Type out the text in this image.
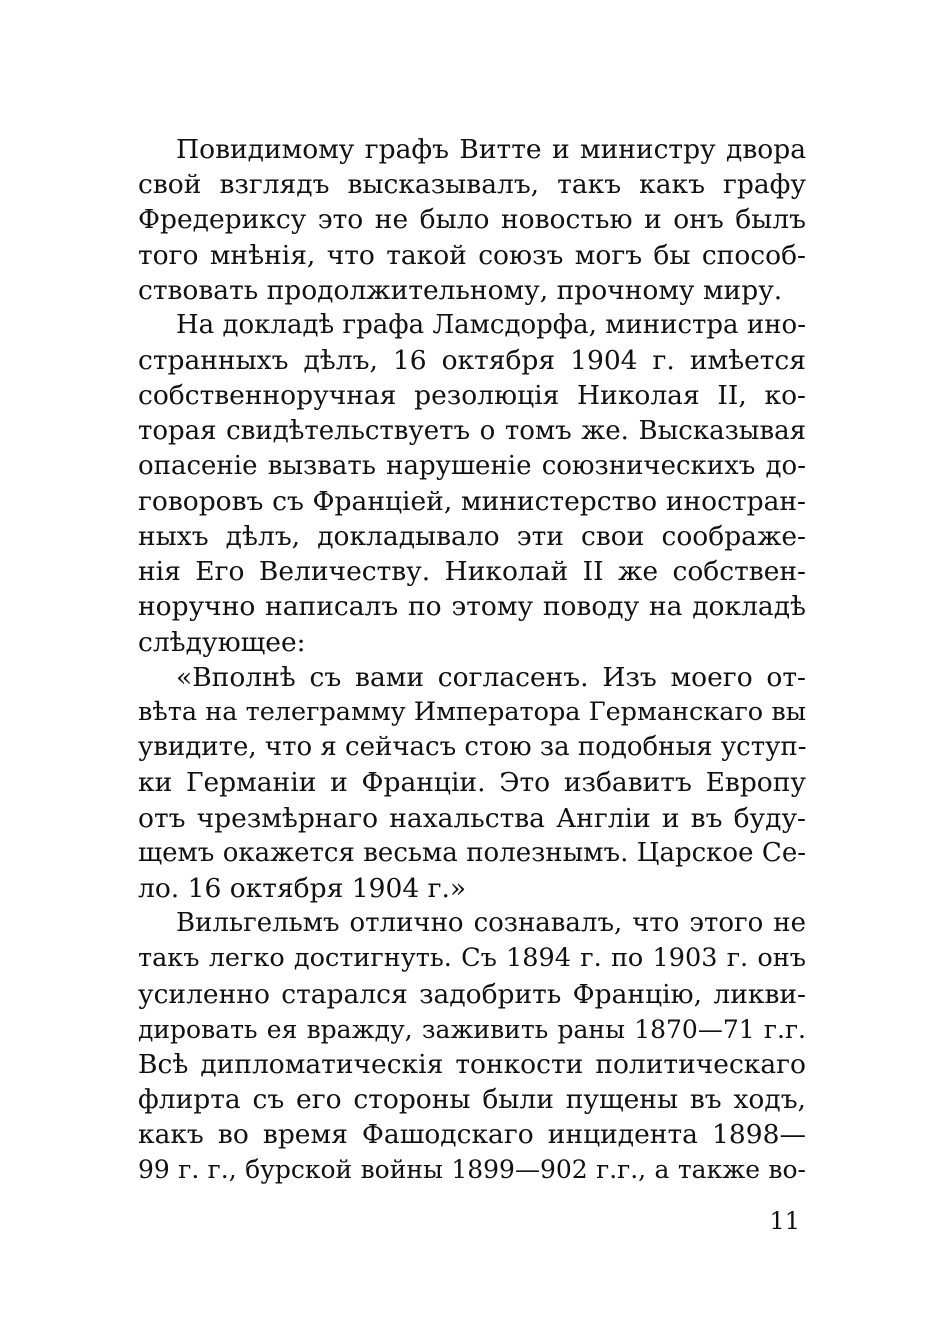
Повидимому графъ Витте и министру двора
свой взглядъ высказывалъ, такъ какъ графу
Фредериксу это не было новостью и онъ былъ
того мнѣнія, что такой союзъ могъ бы способ-
ствовать продолжительному, прочному миру.
На докладѣ графа Ламсдорфа, министра ино-
странныхъ дѣлъ, 16 октября 1904 г. имѣется
собственноручная резолюція Николая II, ко-
торая свидѣтельствуетъ о томъ же. Высказывая
опасеніе вызвать нарушеніе союзническихъ до-
говоровъ съ Франціей, министерство иностран-
ныхъ дѣлъ, докладывало эти свои соображе-
нія Его Величеству. Николай II же собствен-
норучно написалъ по этому поводу на докладѣ
слѣдующее:
«Вполнѣ съ вами согласенъ. Изъ моего от-
вѣта на телеграмму Императора Германскаго вы
увидите, что я сейчасъ стою за подобныя уступ-
ки Германіи и Франціи. Это избавитъ Европу
отъ чрезмѣрнаго нахальства Англіи и въ буду-
щемъ окажется весьма полезнымъ. Царское Се-
ло. 16 октября 1904 г.»
Вильгельмъ отлично сознавалъ, что этого не
такъ легко достигнуть. Съ 1894 г. по 1903 г. онъ
усиленно старался задобрить Францію, ликви-
дировать ея вражду, заживить раны 1870—71 г.г.
Всѣ дипломатическія тонкости политическаго
флирта съ его стороны были пущены въ ходъ,
какъ во время Фашодскаго инцидента 1898—
99 г. г., бурской войны 1899—902 г.г., а также во-
11
